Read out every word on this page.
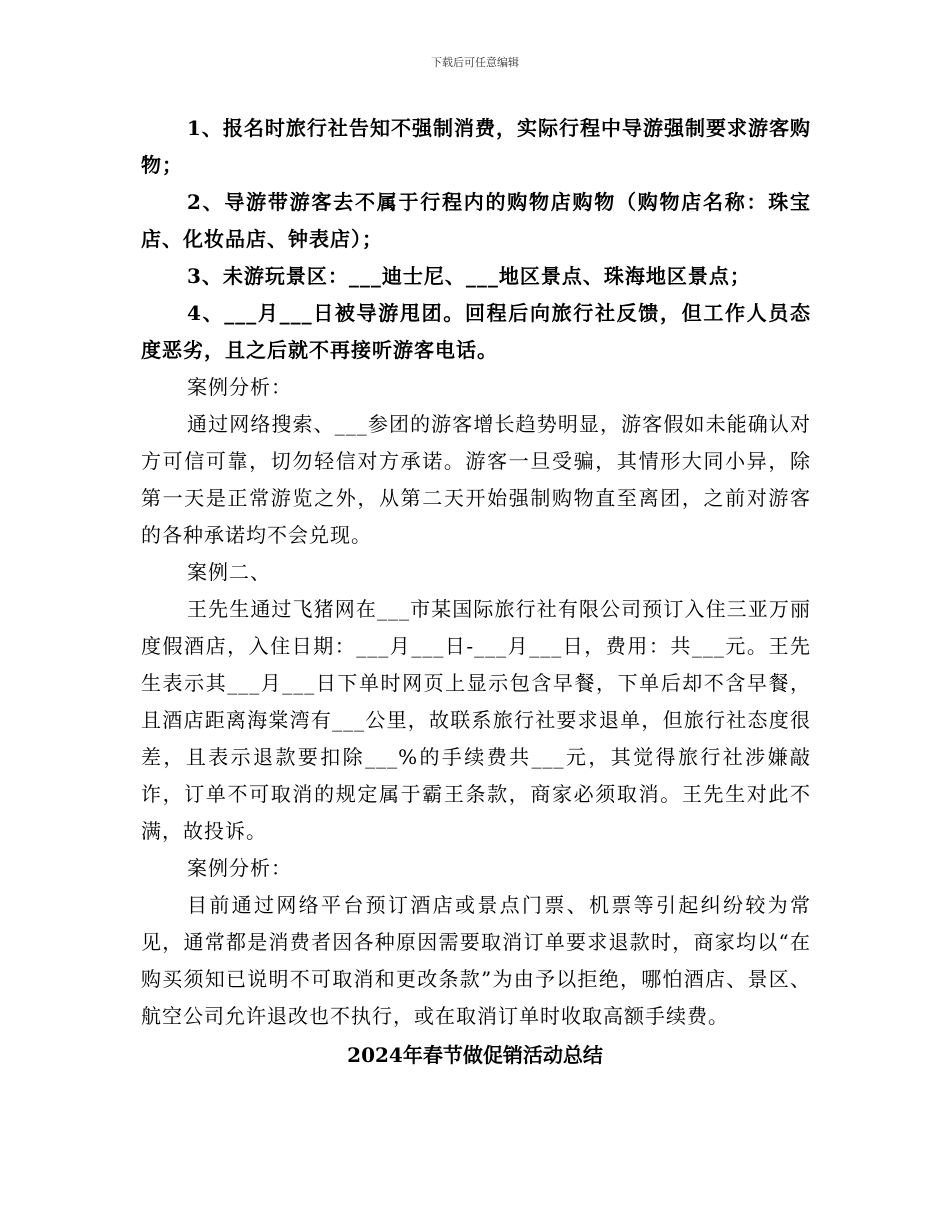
下载后可任意编辑

1、报名时旅行社告知不强制消费，实际行程中导游强制要求游客购物；

2、导游带游客去不属于行程内的购物店购物（购物店名称：珠宝店、化妆品店、钟表店）；

3、未游玩景区：___迪士尼、___地区景点、珠海地区景点；

4、___月___日被导游甩团。回程后向旅行社反馈，但工作人员态度恶劣，且之后就不再接听游客电话。

案例分析：

通过网络搜索、___参团的游客增长趋势明显，游客假如未能确认对方可信可靠，切勿轻信对方承诺。游客一旦受骗，其情形大同小异，除第一天是正常游览之外，从第二天开始强制购物直至离团，之前对游客的各种承诺均不会兑现。

案例二、

王先生通过飞猪网在___市某国际旅行社有限公司预订入住三亚万丽度假酒店，入住日期：___月___日-___月___日，费用：共___元。王先生表示其___月___日下单时网页上显示包含早餐，下单后却不含早餐，且酒店距离海棠湾有___公里，故联系旅行社要求退单，但旅行社态度很差，且表示退款要扣除___%的手续费共___元，其觉得旅行社涉嫌敲诈，订单不可取消的规定属于霸王条款，商家必须取消。王先生对此不满，故投诉。

案例分析：

目前通过网络平台预订酒店或景点门票、机票等引起纠纷较为常见，通常都是消费者因各种原因需要取消订单要求退款时，商家均以“在购买须知已说明不可取消和更改条款”为由予以拒绝，哪怕酒店、景区、航空公司允许退改也不执行，或在取消订单时收取高额手续费。

2024年春节做促销活动总结
